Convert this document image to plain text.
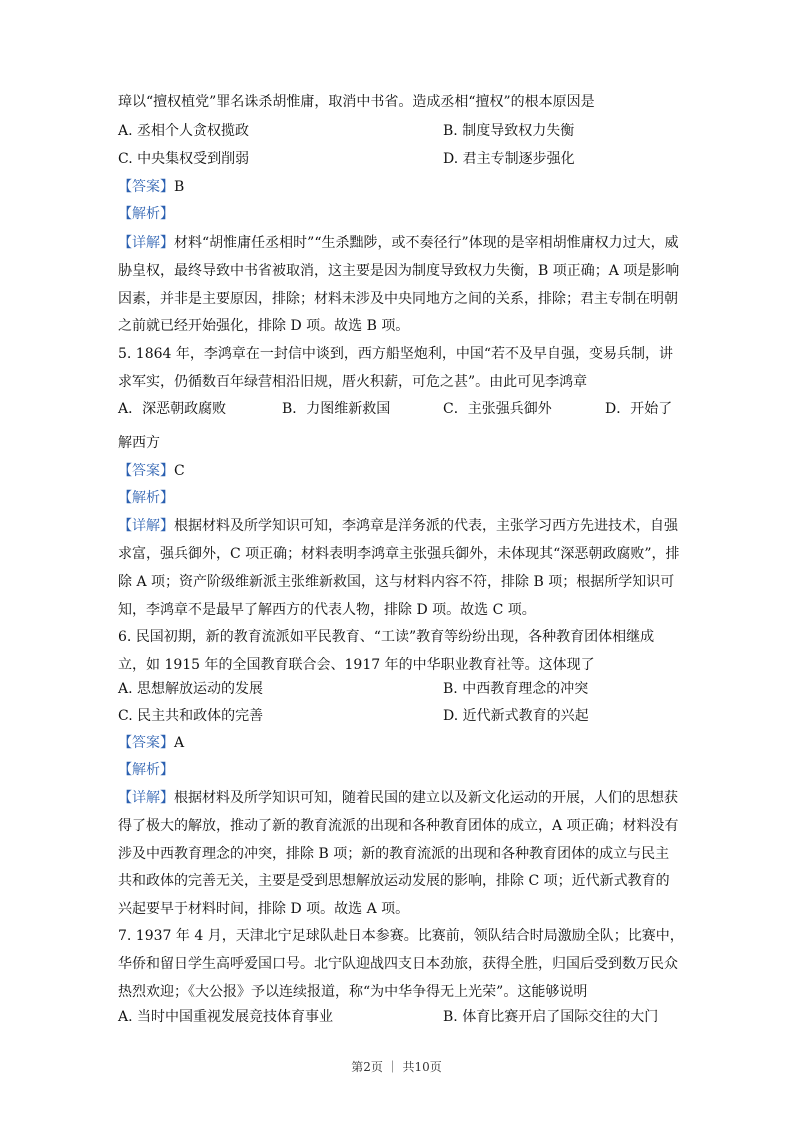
璋以“擅权植党”罪名诛杀胡惟庸，取消中书省。造成丞相“擅权”的根本原因是
A. 丞相个人贪权揽政	B. 制度导致权力失衡
C. 中央集权受到削弱	D. 君主专制逐步强化
【答案】B
【解析】
【详解】材料“胡惟庸任丞相时”“生杀黜陟，或不奏径行”体现的是宰相胡惟庸权力过大，威
胁皇权，最终导致中书省被取消，这主要是因为制度导致权力失衡，B 项正确；A 项是影响
因素，并非是主要原因，排除；材料未涉及中央同地方之间的关系，排除；君主专制在明朝
之前就已经开始强化，排除 D 项。故选 B 项。
5. 1864 年，李鸿章在一封信中谈到，西方船坚炮利，中国“若不及早自强，变易兵制，讲
求军实，仍循数百年绿营相沿旧规，厝火积薪，可危之甚”。由此可见李鸿章
A．深恶朝政腐败	B．力图维新救国	C．主张强兵御外	D．开始了
解西方
【答案】C
【解析】
【详解】根据材料及所学知识可知，李鸿章是洋务派的代表，主张学习西方先进技术，自强
求富，强兵御外，C 项正确；材料表明李鸿章主张强兵御外，未体现其“深恶朝政腐败”，排
除 A 项；资产阶级维新派主张维新救国，这与材料内容不符，排除 B 项；根据所学知识可
知，李鸿章不是最早了解西方的代表人物，排除 D 项。故选 C 项。
6. 民国初期，新的教育流派如平民教育、“工读”教育等纷纷出现，各种教育团体相继成
立，如 1915 年的全国教育联合会、1917 年的中华职业教育社等。这体现了
A. 思想解放运动的发展	B. 中西教育理念的冲突
C. 民主共和政体的完善	D. 近代新式教育的兴起
【答案】A
【解析】
【详解】根据材料及所学知识可知，随着民国的建立以及新文化运动的开展，人们的思想获
得了极大的解放，推动了新的教育流派的出现和各种教育团体的成立，A 项正确；材料没有
涉及中西教育理念的冲突，排除 B 项；新的教育流派的出现和各种教育团体的成立与民主
共和政体的完善无关，主要是受到思想解放运动发展的影响，排除 C 项；近代新式教育的
兴起要早于材料时间，排除 D 项。故选 A 项。
7. 1937 年 4 月，天津北宁足球队赴日本参赛。比赛前，领队结合时局激励全队；比赛中，
华侨和留日学生高呼爱国口号。北宁队迎战四支日本劲旅，获得全胜，归国后受到数万民众
热烈欢迎；《大公报》予以连续报道，称“为中华争得无上光荣”。这能够说明
A. 当时中国重视发展竞技体育事业	B. 体育比赛开启了国际交往的大门
第2页 ｜ 共10页
